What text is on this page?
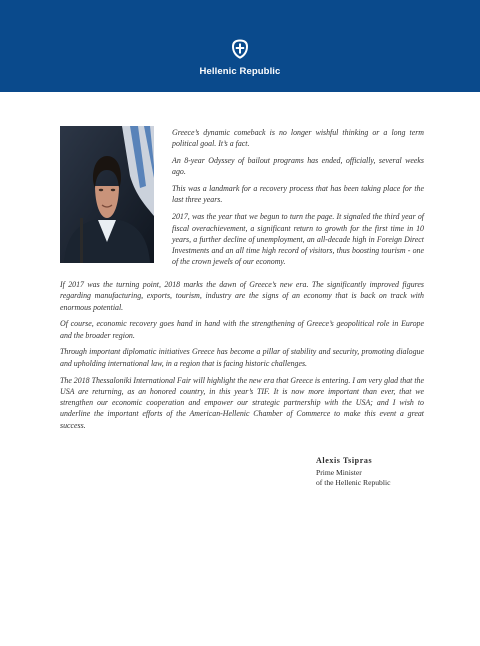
Hellenic Republic

Greece’s dynamic comeback is no longer wishful thinking or a long term political goal. It’s a fact.

An 8-year Odyssey of bailout programs has ended, officially, several weeks ago.

This was a landmark for a recovery process that has been taking place for the last three years.

2017, was the year that we begun to turn the page. It signaled the third year of fiscal overachievement, a significant return to growth for the first time in 10 years, a further decline of unemployment, an all-decade high in Foreign Direct Investments and an all time high record of visitors, thus boosting tourism - one of the crown jewels of our economy.

If 2017 was the turning point, 2018 marks the dawn of Greece’s new era. The significantly improved figures regarding manufacturing, exports, tourism, industry are the signs of an economy that is back on track with enormous potential.

Of course, economic recovery goes hand in hand with the strengthening of Greece’s geopolitical role in Europe and the broader region.

Through important diplomatic initiatives Greece has become a pillar of stability and security, promoting dialogue and upholding international law, in a region that is facing historic challenges.

The 2018 Thessaloniki International Fair will highlight the new era that Greece is entering. I am very glad that the USA are returning, as an honored country, in this year’s TIF. It is now more important than ever, that we strengthen our economic cooperation and empower our strategic partnership with the USA; and I wish to underline the important efforts of the American-Hellenic Chamber of Commerce to make this event a great success.

Alexis Tsipras
Prime Minister
of the Hellenic Republic
